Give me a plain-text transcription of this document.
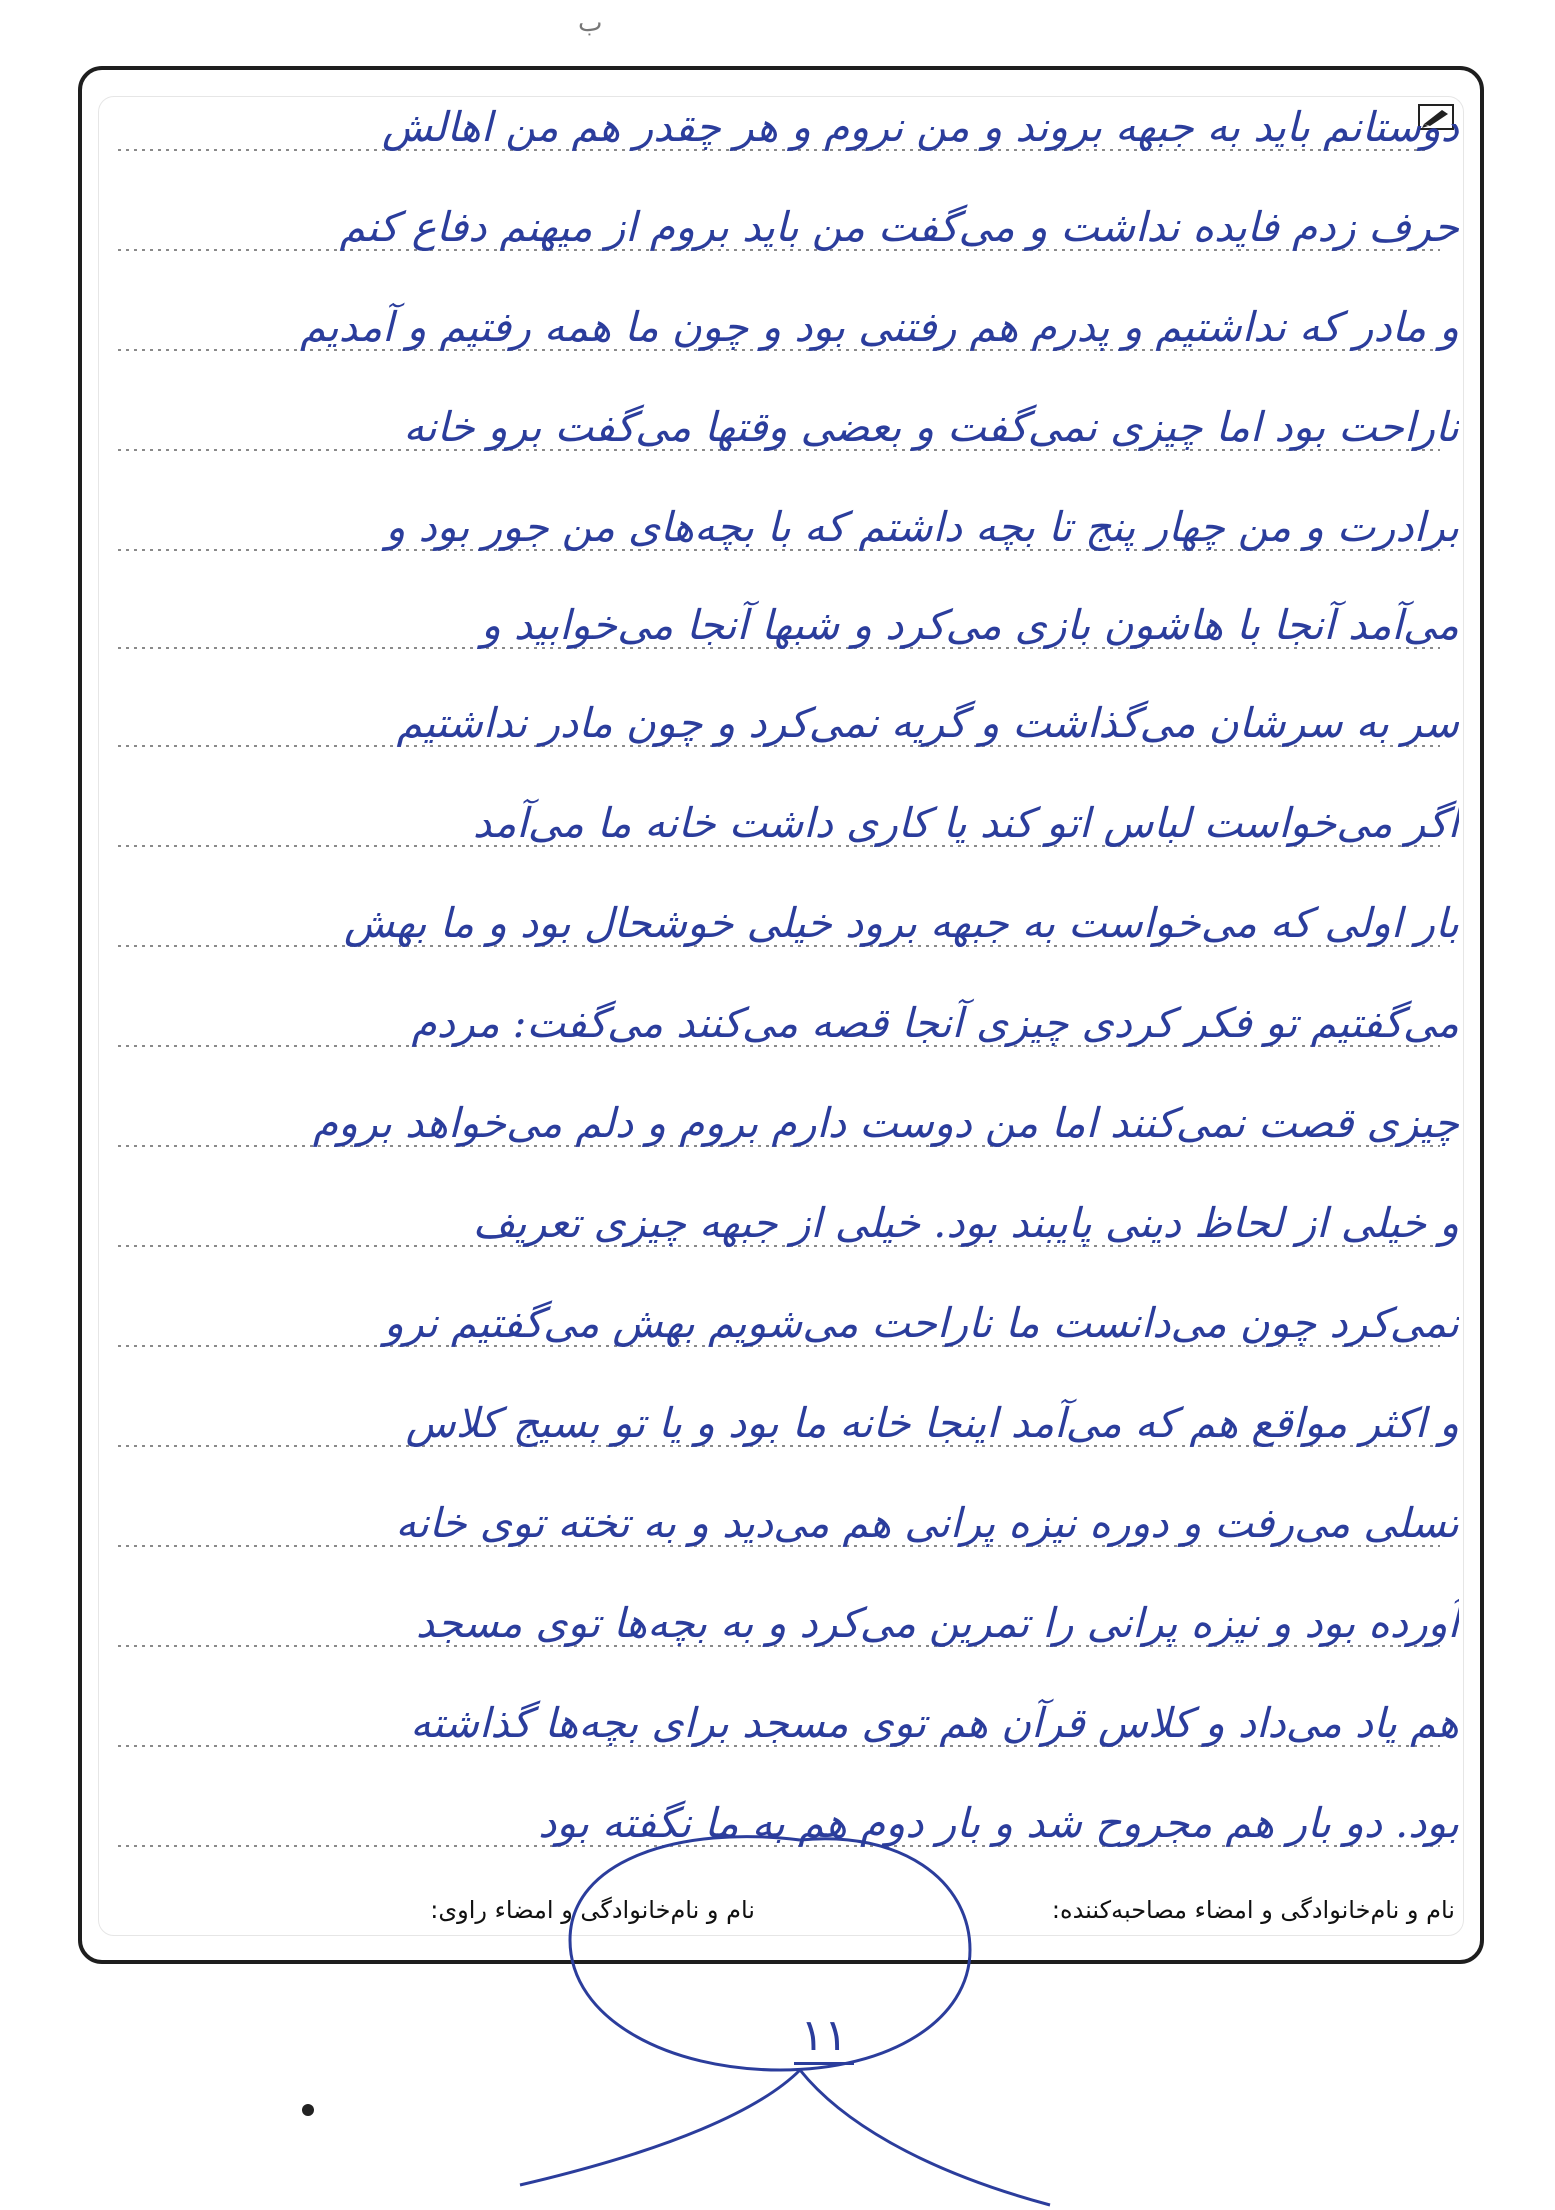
ب
دوستانم باید به جبهه بروند و من نروم و هر چقدر هم من اهالش
حرف زدم فایده نداشت و می‌گفت من باید بروم از میهنم دفاع کنم
و مادر که نداشتیم و پدرم هم رفتنی بود و چون ما همه رفتیم و آمدیم
ناراحت بود اما چیزی نمی‌گفت و بعضی وقتها می‌گفت برو خانه
برادرت و من چهار پنج تا بچه داشتم که با بچه‌های من جور بود و
می‌آمد آنجا با هاشون بازی می‌کرد و شبها آنجا می‌خوابید و
سر به سرشان می‌گذاشت و گریه نمی‌کرد و چون مادر نداشتیم
اگر می‌خواست لباس اتو کند یا کاری داشت خانه ما می‌آمد
بار اولی که می‌خواست به جبهه برود خیلی خوشحال بود و ما بهش
می‌گفتیم تو فکر کردی چیزی آنجا قصه می‌کنند می‌گفت: مردم
چیزی قصت نمی‌کنند اما من دوست دارم بروم و دلم می‌خواهد بروم
و خیلی از لحاظ دینی پایبند بود. خیلی از جبهه چیزی تعریف
نمی‌کرد چون می‌دانست ما ناراحت می‌شویم بهش می‌گفتیم نرو
و اکثر مواقع هم که می‌آمد اینجا خانه ما بود و یا تو بسیج کلاس
تسلی می‌رفت و دوره نیزه پرانی هم می‌دید و به تخته توی خانه
آورده بود و نیزه پرانی را تمرین می‌کرد و به بچه‌ها توی مسجد
هم یاد می‌داد و کلاس قرآن هم توی مسجد برای بچه‌ها گذاشته
بود. دو بار هم مجروح شد و بار دوم هم به ما نگفته بود
نام و نام‌خانوادگی و امضاء مصاحبه‌کننده:
نام و نام‌خانوادگی و امضاء راوی:
۱۱
